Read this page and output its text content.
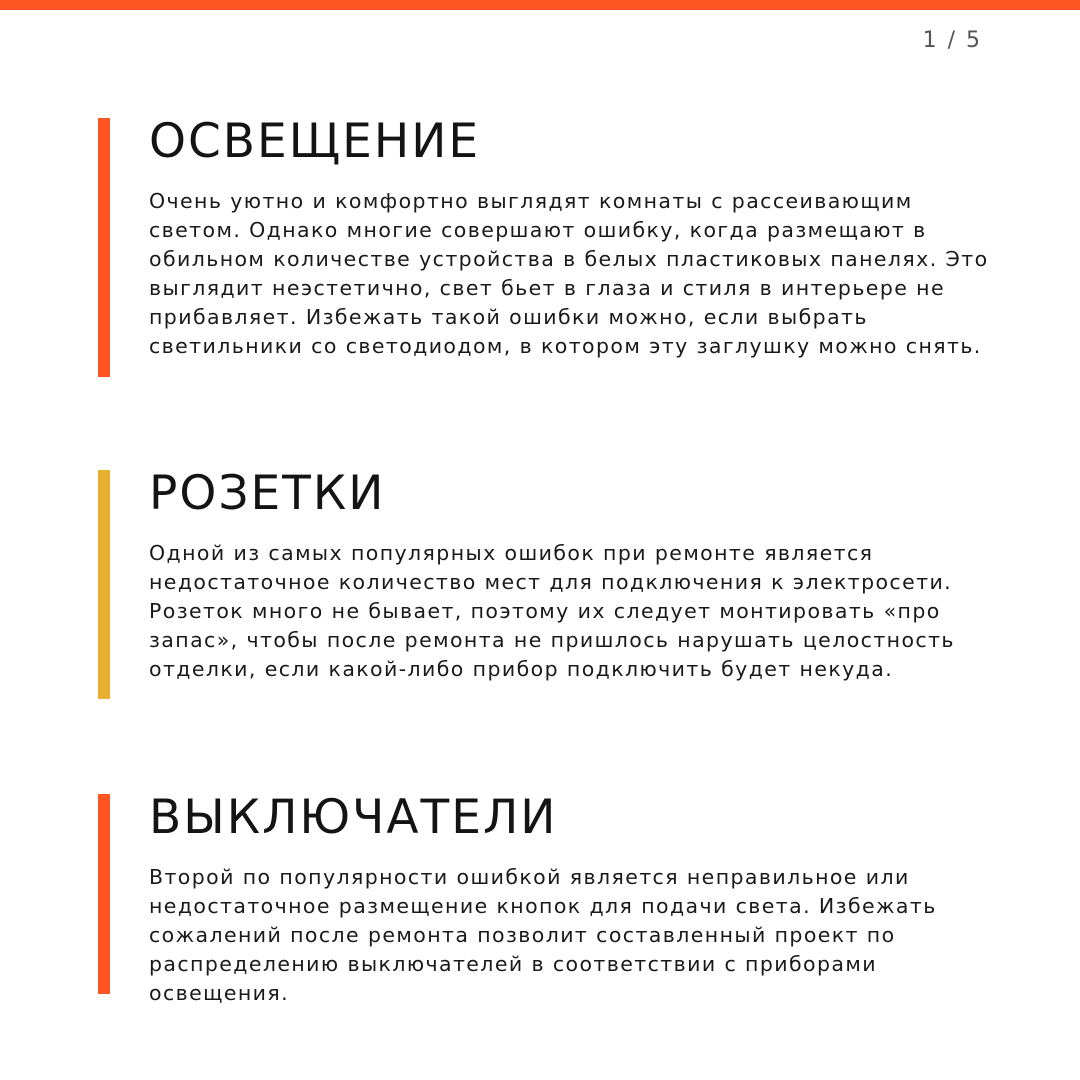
1 / 5
ОСВЕЩЕНИЕ

Очень уютно и комфортно выглядят комнаты с рассеивающим светом. Однако многие совершают ошибку, когда размещают в обильном количестве устройства в белых пластиковых панелях. Это выглядит неэстетично, свет бьет в глаза и стиля в интерьере не прибавляет. Избежать такой ошибки можно, если выбрать светильники со светодиодом, в котором эту заглушку можно снять.

РОЗЕТКИ

Одной из самых популярных ошибок при ремонте является недостаточное количество мест для подключения к электросети. Розеток много не бывает, поэтому их следует монтировать «про запас», чтобы после ремонта не пришлось нарушать целостность отделки, если какой-либо прибор подключить будет некуда.

ВЫКЛЮЧАТЕЛИ

Второй по популярности ошибкой является неправильное или недостаточное размещение кнопок для подачи света. Избежать сожалений после ремонта позволит составленный проект по распределению выключателей в соответствии с приборами освещения.
